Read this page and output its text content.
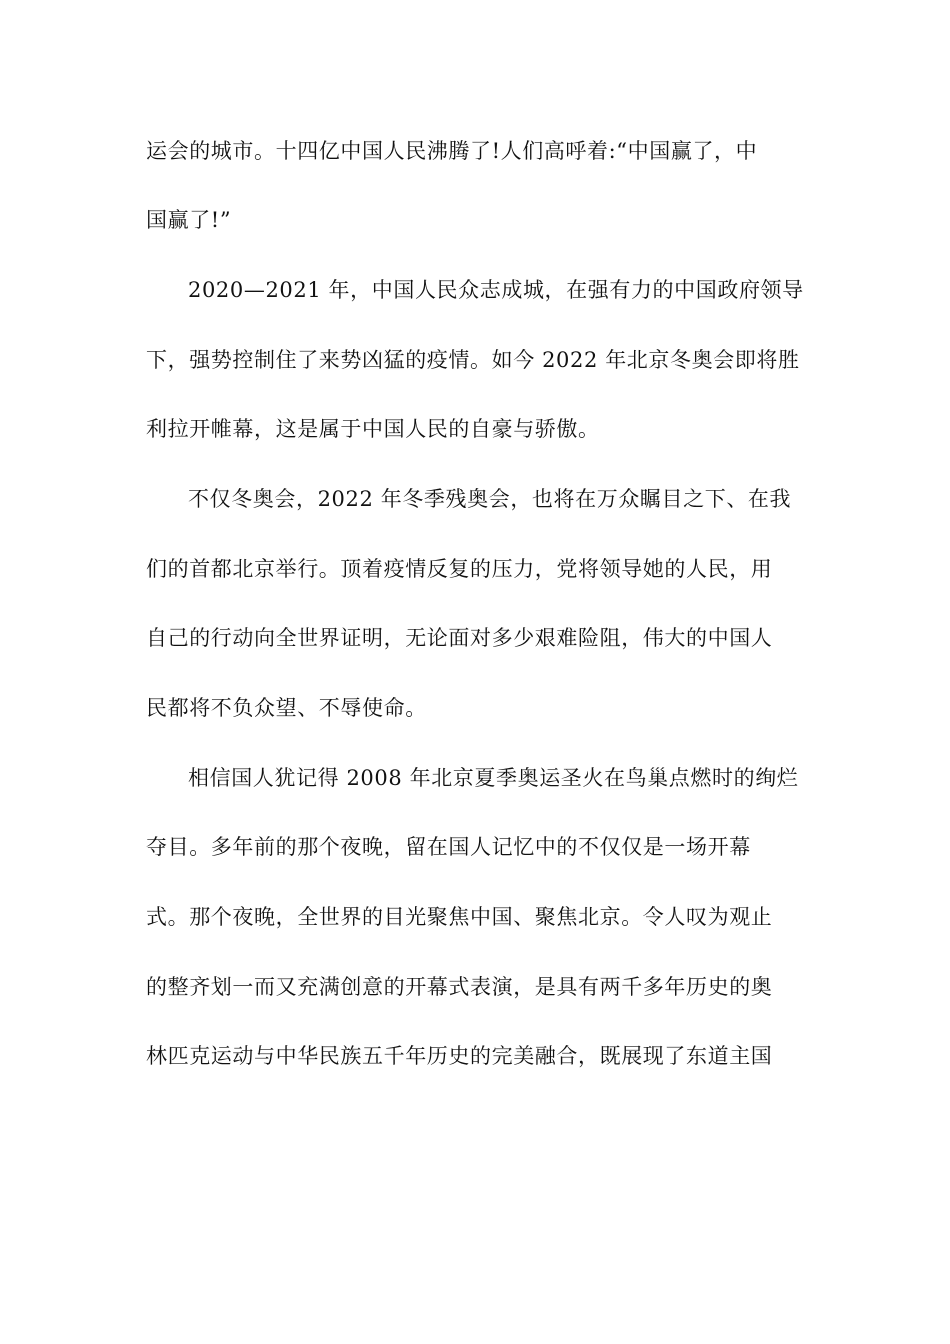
运会的城市。十四亿中国人民沸腾了!人们高呼着:“中国赢了，中
国赢了!”
2020—2021 年，中国人民众志成城，在强有力的中国政府领导
下，强势控制住了来势凶猛的疫情。如今 2022 年北京冬奥会即将胜
利拉开帷幕，这是属于中国人民的自豪与骄傲。
不仅冬奥会，2022 年冬季残奥会，也将在万众瞩目之下、在我
们的首都北京举行。顶着疫情反复的压力，党将领导她的人民，用
自己的行动向全世界证明，无论面对多少艰难险阻，伟大的中国人
民都将不负众望、不辱使命。
相信国人犹记得 2008 年北京夏季奥运圣火在鸟巢点燃时的绚烂
夺目。多年前的那个夜晚，留在国人记忆中的不仅仅是一场开幕
式。那个夜晚，全世界的目光聚焦中国、聚焦北京。令人叹为观止
的整齐划一而又充满创意的开幕式表演，是具有两千多年历史的奥
林匹克运动与中华民族五千年历史的完美融合，既展现了东道主国
